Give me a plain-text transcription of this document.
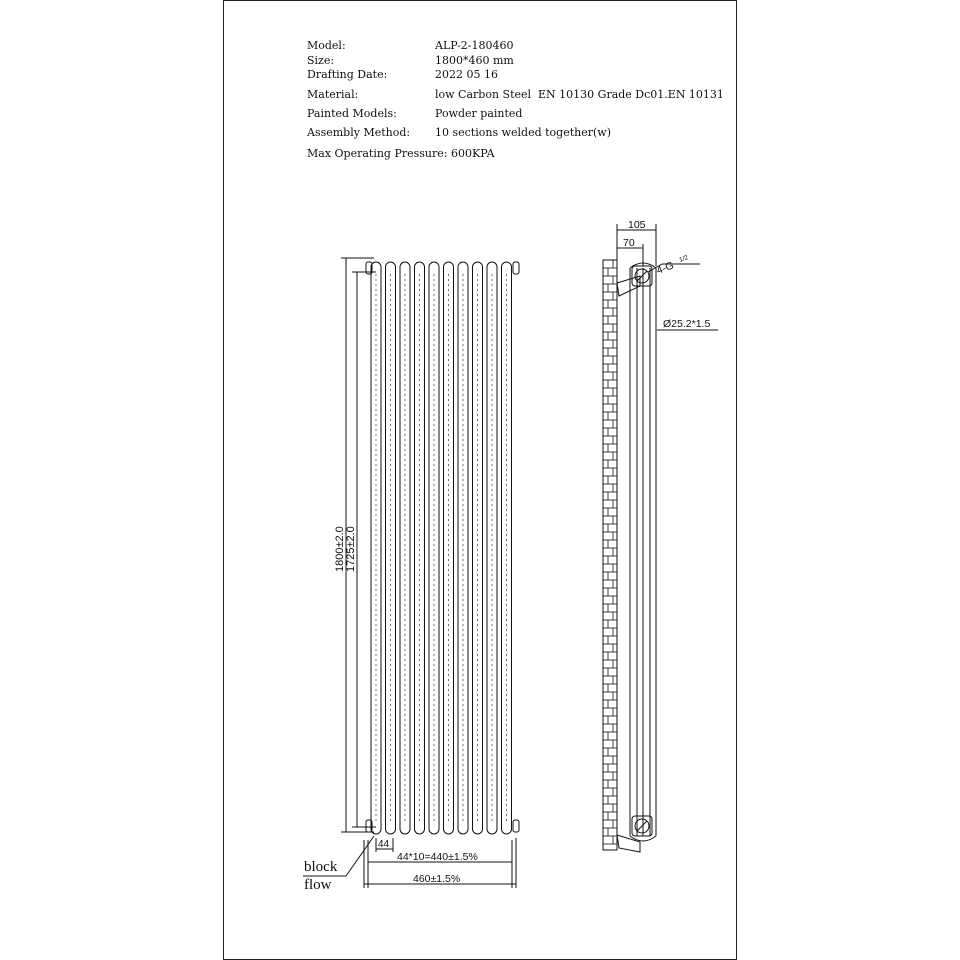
1800±2.0 1725±2.0
44
44*10=440±1.5%
460±1.5%
105
70
4-G
1/2
Ø25.2*1.5
Model:	ALP-2-180460
Size:	1800*460 mm
Drafting Date:	2022 05 16
Material:	low Carbon Steel  EN 10130 Grade Dc01.EN 10131
Painted Models:	Powder painted
Assembly Method: 10 sections welded together(w)
Max Operating Pressure: 600KPA
block
flow
